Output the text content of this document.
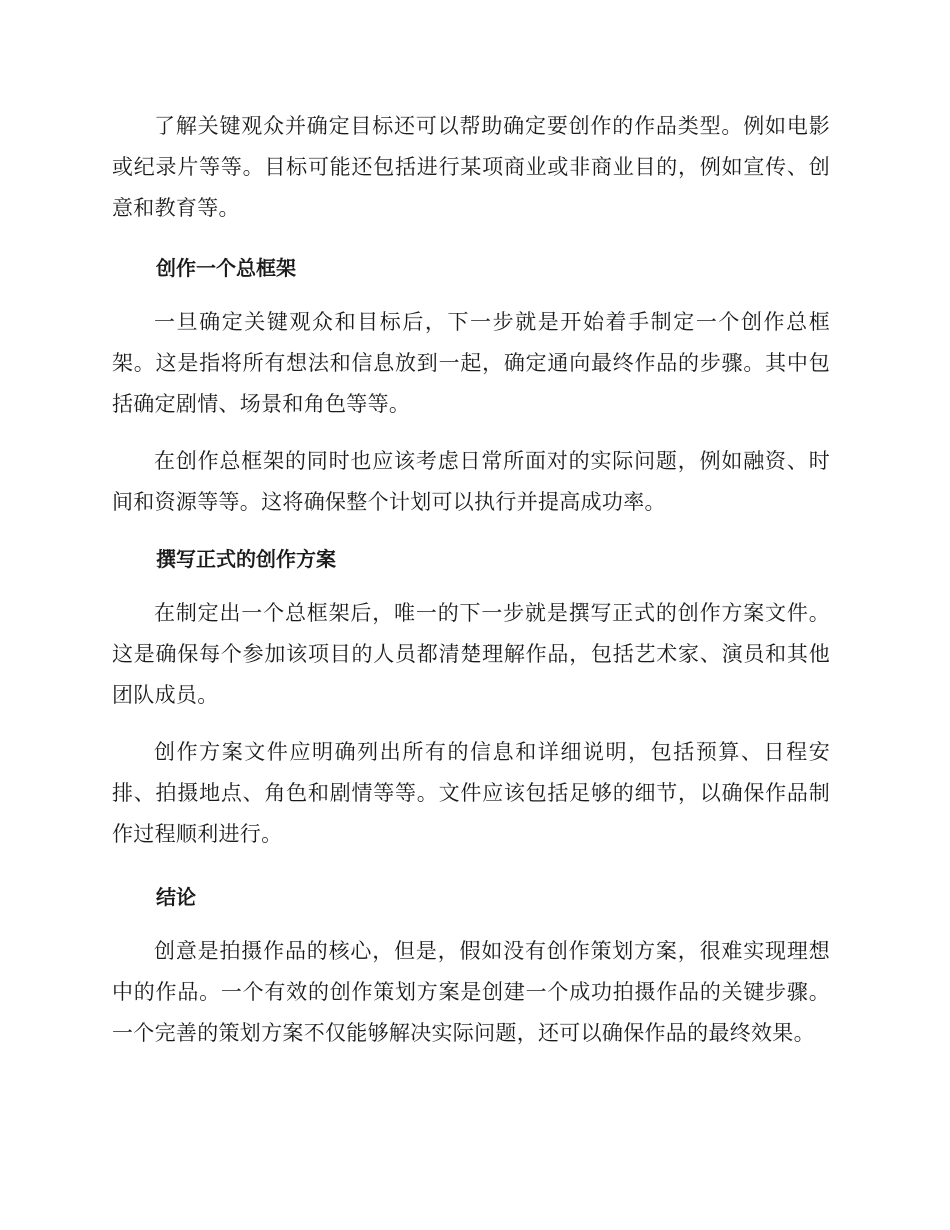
了解关键观众并确定目标还可以帮助确定要创作的作品类型。例如电影或纪录片等等。目标可能还包括进行某项商业或非商业目的，例如宣传、创意和教育等。

创作一个总框架

一旦确定关键观众和目标后，下一步就是开始着手制定一个创作总框架。这是指将所有想法和信息放到一起，确定通向最终作品的步骤。其中包括确定剧情、场景和角色等等。

在创作总框架的同时也应该考虑日常所面对的实际问题，例如融资、时间和资源等等。这将确保整个计划可以执行并提高成功率。

撰写正式的创作方案

在制定出一个总框架后，唯一的下一步就是撰写正式的创作方案文件。这是确保每个参加该项目的人员都清楚理解作品，包括艺术家、演员和其他团队成员。

创作方案文件应明确列出所有的信息和详细说明，包括预算、日程安排、拍摄地点、角色和剧情等等。文件应该包括足够的细节，以确保作品制作过程顺利进行。

结论

创意是拍摄作品的核心，但是，假如没有创作策划方案，很难实现理想中的作品。一个有效的创作策划方案是创建一个成功拍摄作品的关键步骤。一个完善的策划方案不仅能够解决实际问题，还可以确保作品的最终效果。
